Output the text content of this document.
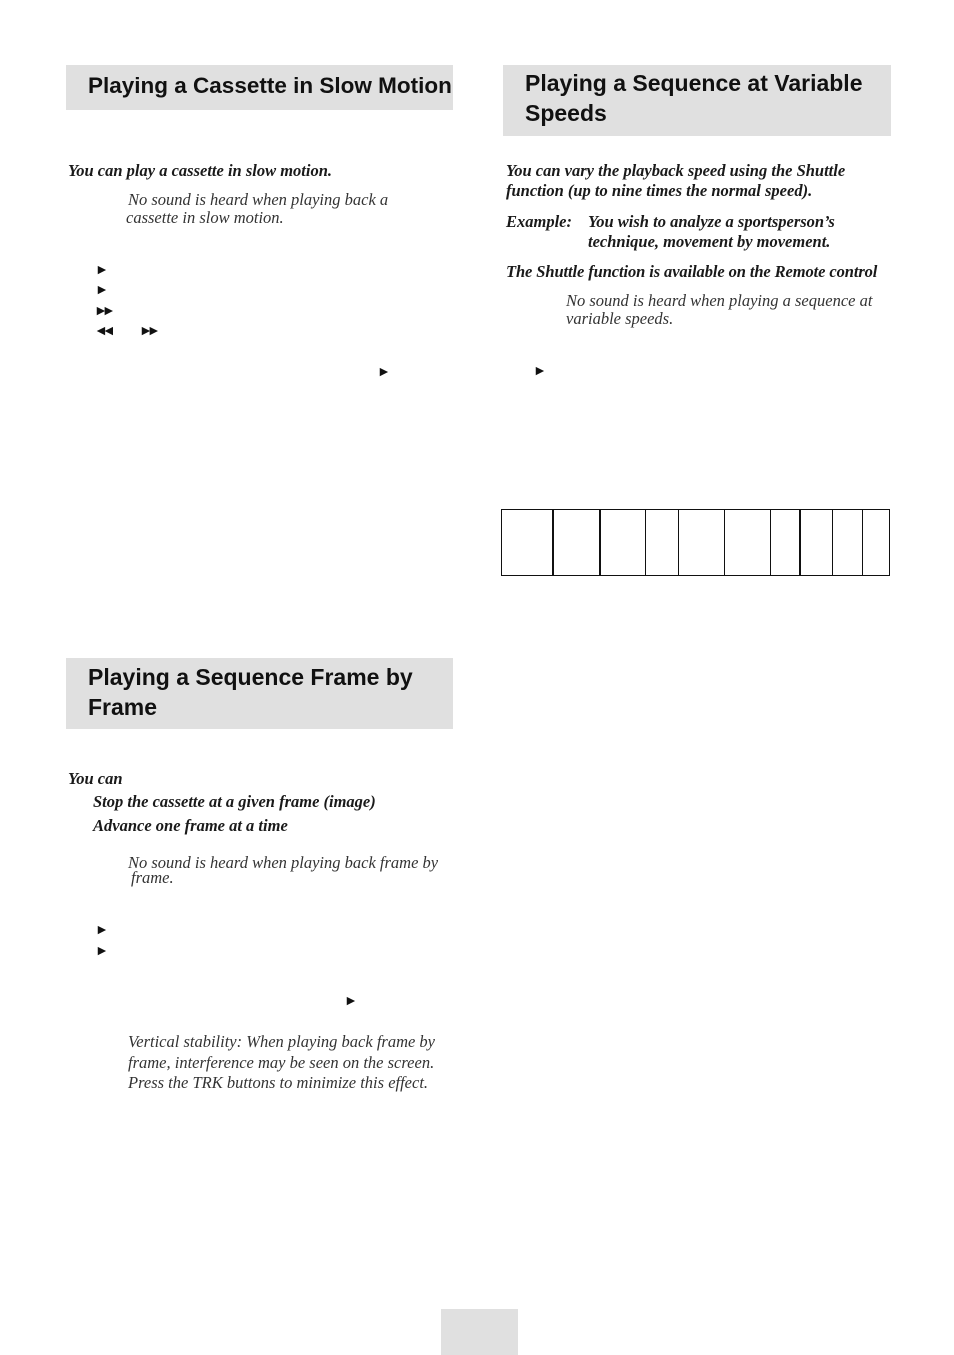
Playing a Cassette in Slow Motion
You can play a cassette in slow motion.
No sound is heard when playing back a
cassette in slow motion.
►
►
►►
◄◄ ►►
►
Playing a Sequence Frame by
Frame
You can
Stop the cassette at a given frame (image)
Advance one frame at a time
No sound is heard when playing back frame by
frame.
►
►
►
Vertical stability: When playing back frame by
frame, interference may be seen on the screen.
Press the TRK buttons to minimize this effect.
Playing a Sequence at Variable
Speeds
You can vary the playback speed using the Shuttle
function (up to nine times the normal speed).
Example: You wish to analyze a sportsperson’s
technique, movement by movement.
The Shuttle function is available on the Remote control
No sound is heard when playing a sequence at
variable speeds.
►
